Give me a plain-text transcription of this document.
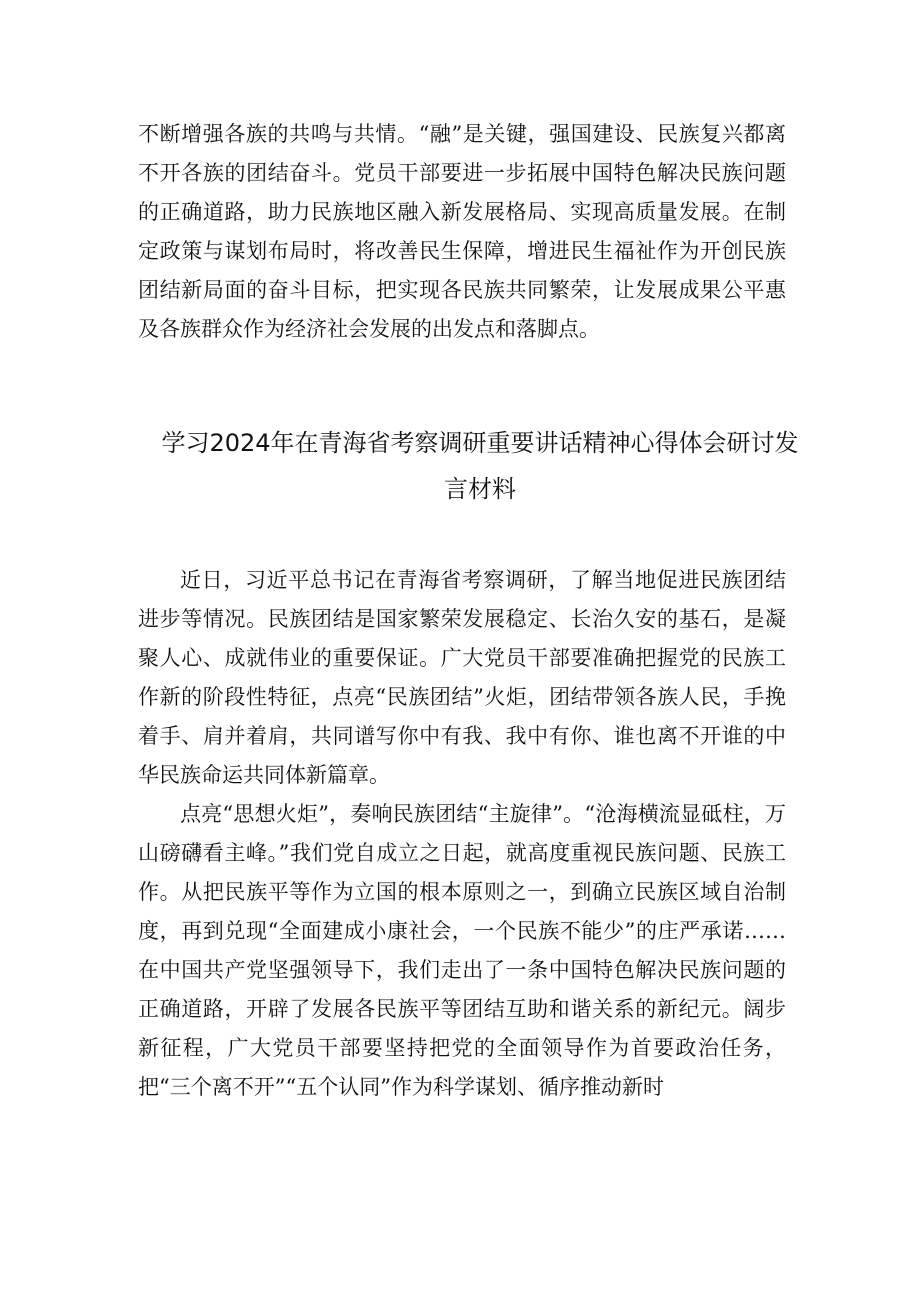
不断增强各族的共鸣与共情。“融”是关键，强国建设、民族复兴都离不开各族的团结奋斗。党员干部要进一步拓展中国特色解决民族问题的正确道路，助力民族地区融入新发展格局、实现高质量发展。在制定政策与谋划布局时，将改善民生保障，增进民生福祉作为开创民族团结新局面的奋斗目标，把实现各民族共同繁荣，让发展成果公平惠及各族群众作为经济社会发展的出发点和落脚点。

学习2024年在青海省考察调研重要讲话精神心得体会研讨发
言材料

近日，习近平总书记在青海省考察调研，了解当地促进民族团结进步等情况。民族团结是国家繁荣发展稳定、长治久安的基石，是凝聚人心、成就伟业的重要保证。广大党员干部要准确把握党的民族工作新的阶段性特征，点亮“民族团结”火炬，团结带领各族人民，手挽着手、肩并着肩，共同谱写你中有我、我中有你、谁也离不开谁的中华民族命运共同体新篇章。

点亮“思想火炬”，奏响民族团结“主旋律”。“沧海横流显砥柱，万山磅礴看主峰。”我们党自成立之日起，就高度重视民族问题、民族工作。从把民族平等作为立国的根本原则之一，到确立民族区域自治制度，再到兑现“全面建成小康社会，一个民族不能少”的庄严承诺……在中国共产党坚强领导下，我们走出了一条中国特色解决民族问题的正确道路，开辟了发展各民族平等团结互助和谐关系的新纪元。阔步新征程，广大党员干部要坚持把党的全面领导作为首要政治任务，把“三个离不开”“五个认同”作为科学谋划、循序推动新时
